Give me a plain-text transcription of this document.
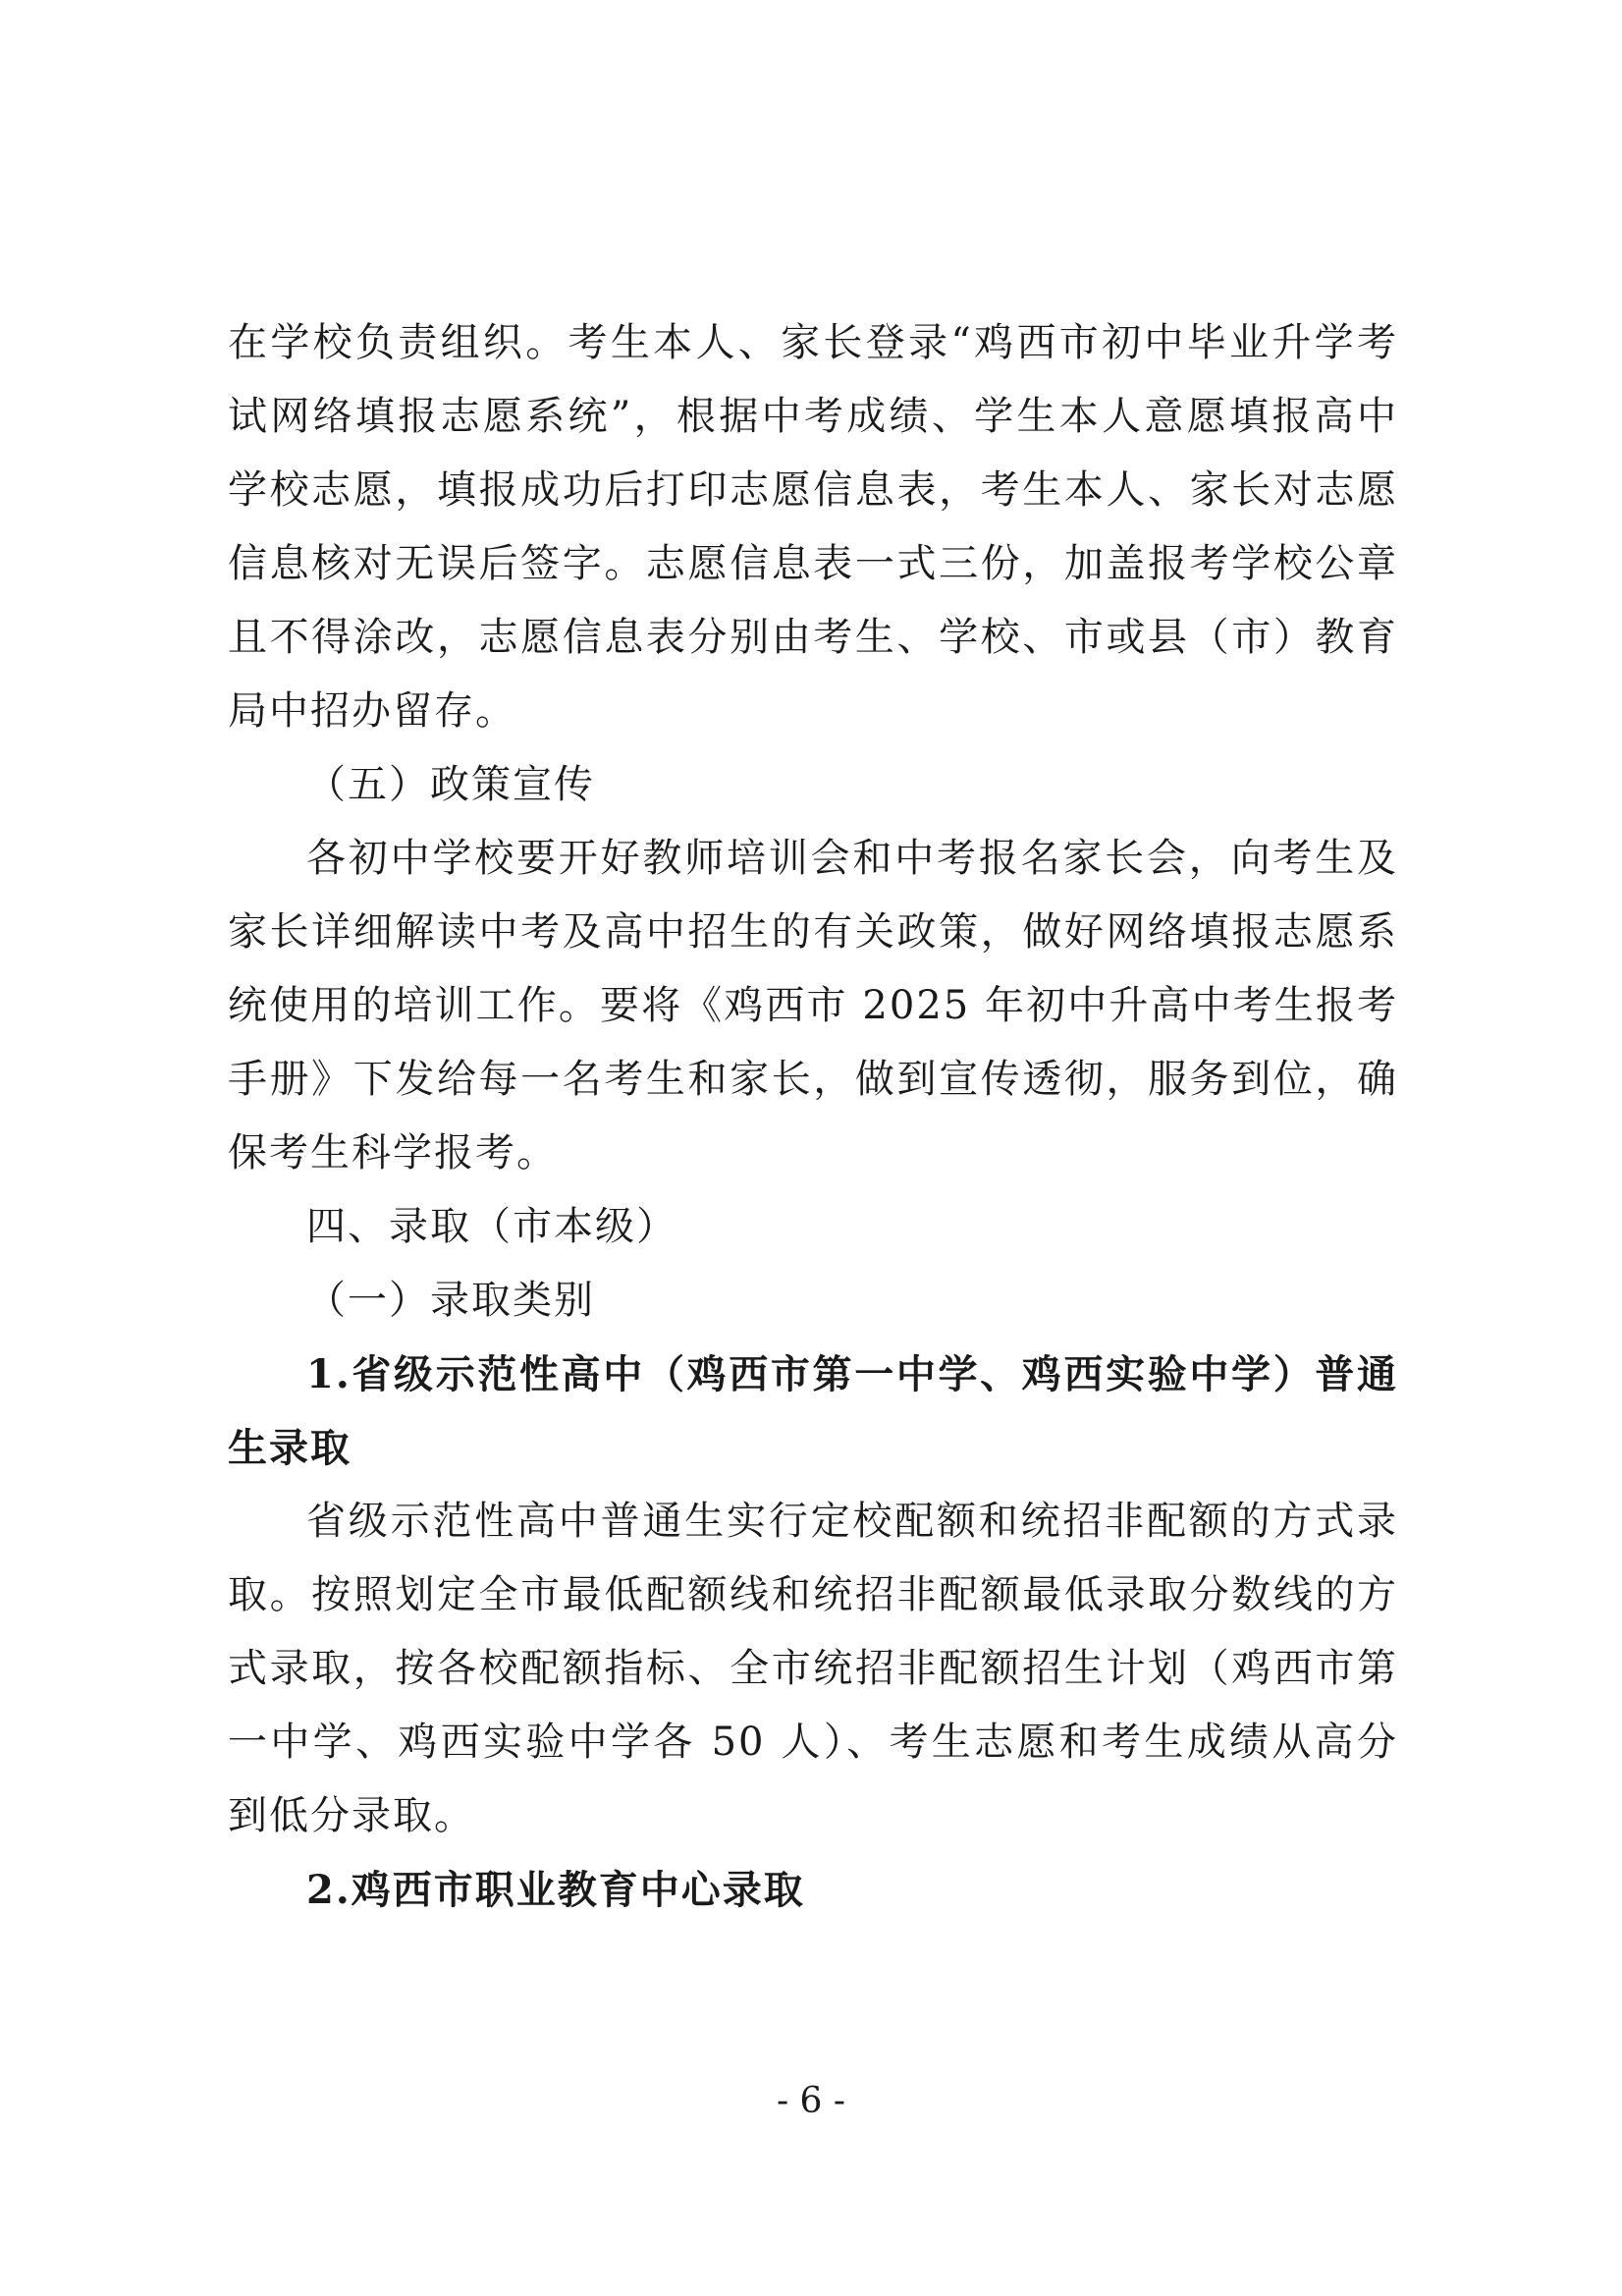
在学校负责组织。考生本人、家长登录“鸡西市初中毕业升学考试网络填报志愿系统”，根据中考成绩、学生本人意愿填报高中学校志愿，填报成功后打印志愿信息表，考生本人、家长对志愿信息核对无误后签字。志愿信息表一式三份，加盖报考学校公章且不得涂改，志愿信息表分别由考生、学校、市或县（市）教育局中招办留存。

（五）政策宣传

各初中学校要开好教师培训会和中考报名家长会，向考生及家长详细解读中考及高中招生的有关政策，做好网络填报志愿系统使用的培训工作。要将《鸡西市 2025 年初中升高中考生报考手册》下发给每一名考生和家长，做到宣传透彻，服务到位，确保考生科学报考。

四、录取（市本级）

（一）录取类别

1.省级示范性高中（鸡西市第一中学、鸡西实验中学）普通生录取

省级示范性高中普通生实行定校配额和统招非配额的方式录取。按照划定全市最低配额线和统招非配额最低录取分数线的方式录取，按各校配额指标、全市统招非配额招生计划（鸡西市第一中学、鸡西实验中学各 50 人）、考生志愿和考生成绩从高分到低分录取。

2.鸡西市职业教育中心录取

- 6 -
